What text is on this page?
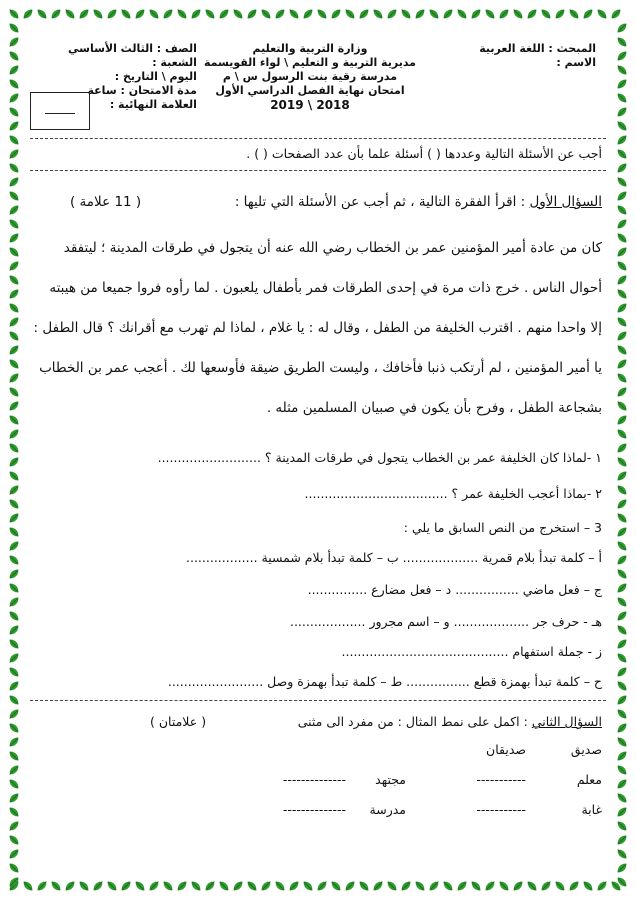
المبحث : اللغة العربية
الاسم :
وزارة التربية والتعليم
مديرية التربية و التعليم \ لواء القويسمة
مدرسة رقية بنت الرسول س \ م
امتحان نهاية الفصل الدراسي الأول
2018 \ 2019
الصف : الثالث الأساسي
الشعبة :
اليوم \ التاريخ :
مدة الامتحان : ساعة
العلامة النهائية :
أجب عن الأسئلة التالية وعددها ( ) أسئلة علما بأن عدد الصفحات ( ) .
السؤال الأول : اقرأ الفقرة التالية ، ثم أجب عن الأسئلة التي تليها :
( 11 علامة )
كان من عادة أمير المؤمنين عمر بن الخطاب رضي الله عنه أن يتجول في طرقات المدينة ؛ ليتفقد
أحوال الناس . خرج ذات مرة في إحدى الطرقات فمر بأطفال يلعبون . لما رأوه فروا جميعا من هيبته
إلا واحدا منهم . اقترب الخليفة من الطفل ، وقال له : يا غلام ، لماذا لم تهرب مع أقرانك ؟ قال الطفل :
يا أمير المؤمنين ، لم أرتكب ذنبا فأخافك ، وليست الطريق ضيقة فأوسعها لك . أعجب عمر بن الخطاب
بشجاعة الطفل ، وفرح بأن يكون في صبيان المسلمين مثله .
١ -لماذا كان الخليفة عمر بن الخطاب يتجول في طرقات المدينة ؟ ..........................
٢ -بماذا أعجب الخليفة عمر ؟ ....................................
3 – استخرج من النص السابق ما يلي :
أ – كلمة تبدأ بلام قمرية ................... ب – كلمة تبدأ بلام شمسية ..................
ج – فعل ماضي ................ د – فعل مضارع ...............
هـ - حرف جر ................... و – اسم مجرور ...................
ز - جملة استفهام ..........................................
ح – كلمة تبدأ بهمزة قطع ................ ط – كلمة تبدأ بهمزة وصل ........................
السؤال الثاني : اكمل على نمط المثال : من مفرد الى مثنى
( علامتان )
صديق
صديقان
معلم
-----------
مجتهد
--------------
غابة
-----------
مدرسة
--------------
